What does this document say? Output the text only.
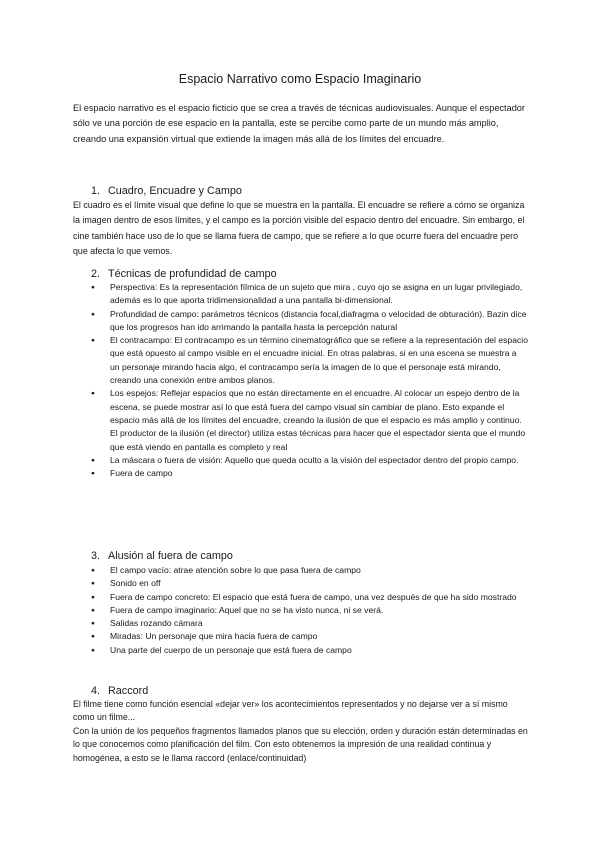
Espacio Narrativo como Espacio Imaginario
El espacio narrativo es el espacio ficticio que se crea a través de técnicas audiovisuales. Aunque el espectador sólo ve una porción de ese espacio en la pantalla, este se percibe como parte de un mundo más amplio, creando una expansión virtual que extiende la imagen más allá de los límites del encuadre.
1. Cuadro, Encuadre y Campo
El cuadro es el límite visual que define lo que se muestra en la pantalla. El encuadre se refiere a cómo se organiza la imagen dentro de esos límites, y el campo es la porción visible del espacio dentro del encuadre. Sin embargo, el cine también hace uso de lo que se llama fuera de campo, que se refiere a lo que ocurre fuera del encuadre pero que afecta lo que vemos.
2. Técnicas de profundidad de campo
● Perspectiva: Es la representación fílmica de un sujeto que mira , cuyo ojo se asigna en un lugar privilegiado, además es lo que aporta tridimensionalidad a una pantalla bi-dimensional.
● Profundidad de campo: parámetros técnicos (distancia focal,diafragma o velocidad de obturación). Bazin dice que los progresos han ido arrimando la pantalla hasta la percepción natural
● El contracampo: El contracampo es un término cinematográfico que se refiere a la representación del espacio que está opuesto al campo visible en el encuadre inicial. En otras palabras, si en una escena se muestra a un personaje mirando hacia algo, el contracampo sería la imagen de lo que el personaje está mirando, creando una conexión entre ambos planos.
● Los espejos: Reflejar espacios que no están directamente en el encuadre. Al colocar un espejo dentro de la escena, se puede mostrar así lo que está fuera del campo visual sin cambiar de plano. Esto expande el espacio más allá de los límites del encuadre, creando la ilusión de que el espacio es más amplio y continuo. El productor de la ilusión (el director) utiliza estas técnicas para hacer que el espectador sienta que el mundo que está viendo en pantalla es completo y real
● La máscara o fuera de visión: Aquello que queda oculto a la visión del espectador dentro del propio campo.
● Fuera de campo
3. Alusión al fuera de campo
● El campo vacío: atrae atención sobre lo que pasa fuera de campo
● Sonido en off
● Fuera de campo concreto: El espacio que está fuera de campo, una vez después de que ha sido mostrado
● Fuera de campo imaginario: Aquel que no se ha visto nunca, ni se verá.
● Salidas rozando cámara
● Miradas: Un personaje que mira hacia fuera de campo
● Una parte del cuerpo de un personaje que está fuera de campo
4. Raccord
El filme tiene como función esencial «dejar ver» los acontecimientos representados y no dejarse ver a sí mismo como un filme...
Con la unión de los pequeños fragmentos llamados planos que su elección, orden y duración están determinadas en lo que conocemos como planificación del film. Con esto obtenemos la impresión de una realidad continua y homogénea, a esto se le llama raccord (enlace/continuidad)
